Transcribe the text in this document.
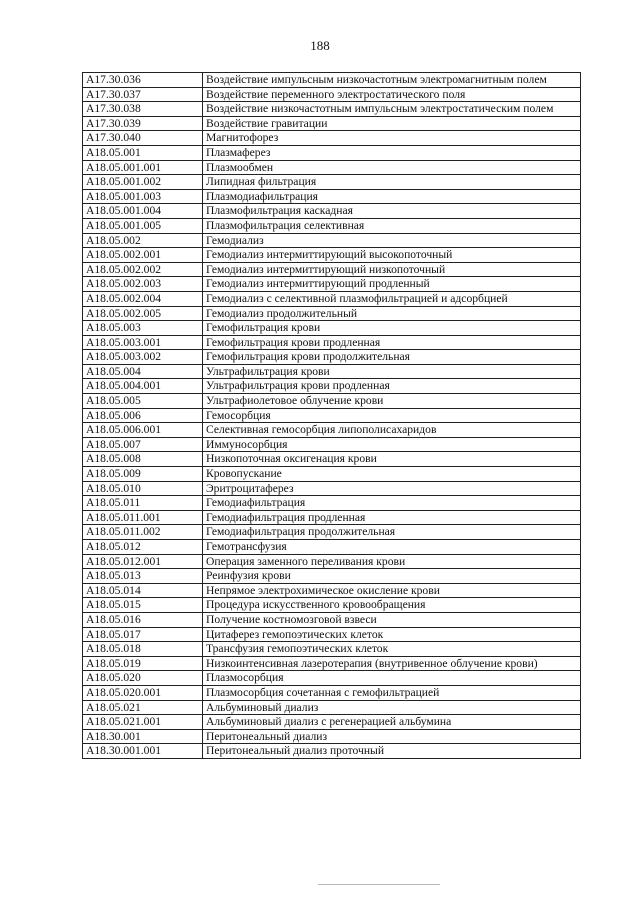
188
A17.30.036	Воздействие импульсным низкочастотным электромагнитным полем
A17.30.037	Воздействие переменного электростатического поля
A17.30.038	Воздействие низкочастотным импульсным электростатическим полем
A17.30.039	Воздействие гравитации
A17.30.040	Магнитофорез
A18.05.001	Плазмаферез
A18.05.001.001	Плазмообмен
A18.05.001.002	Липидная фильтрация
A18.05.001.003	Плазмодиафильтрация
A18.05.001.004	Плазмофильтрация каскадная
A18.05.001.005	Плазмофильтрация селективная
A18.05.002	Гемодиализ
A18.05.002.001	Гемодиализ интермиттирующий высокопоточный
A18.05.002.002	Гемодиализ интермиттирующий низкопоточный
A18.05.002.003	Гемодиализ интермиттирующий продленный
A18.05.002.004	Гемодиализ с селективной плазмофильтрацией и адсорбцией
A18.05.002.005	Гемодиализ продолжительный
A18.05.003	Гемофильтрация крови
A18.05.003.001	Гемофильтрация крови продленная
A18.05.003.002	Гемофильтрация крови продолжительная
A18.05.004	Ультрафильтрация крови
A18.05.004.001	Ультрафильтрация крови продленная
A18.05.005	Ультрафиолетовое облучение крови
A18.05.006	Гемосорбция
A18.05.006.001	Селективная гемосорбция липополисахаридов
A18.05.007	Иммуносорбция
A18.05.008	Низкопоточная оксигенация крови
A18.05.009	Кровопускание
A18.05.010	Эритроцитаферез
A18.05.011	Гемодиафильтрация
A18.05.011.001	Гемодиафильтрация продленная
A18.05.011.002	Гемодиафильтрация продолжительная
A18.05.012	Гемотрансфузия
A18.05.012.001	Операция заменного переливания крови
A18.05.013	Реинфузия крови
A18.05.014	Непрямое электрохимическое окисление крови
A18.05.015	Процедура искусственного кровообращения
A18.05.016	Получение костномозговой взвеси
A18.05.017	Цитаферез гемопоэтических клеток
A18.05.018	Трансфузия гемопоэтических клеток
A18.05.019	Низкоинтенсивная лазеротерапия (внутривенное облучение крови)
A18.05.020	Плазмосорбция
A18.05.020.001	Плазмосорбция сочетанная с гемофильтрацией
A18.05.021	Альбуминовый диализ
A18.05.021.001	Альбуминовый диализ с регенерацией альбумина
A18.30.001	Перитонеальный диализ
A18.30.001.001	Перитонеальный диализ проточный
